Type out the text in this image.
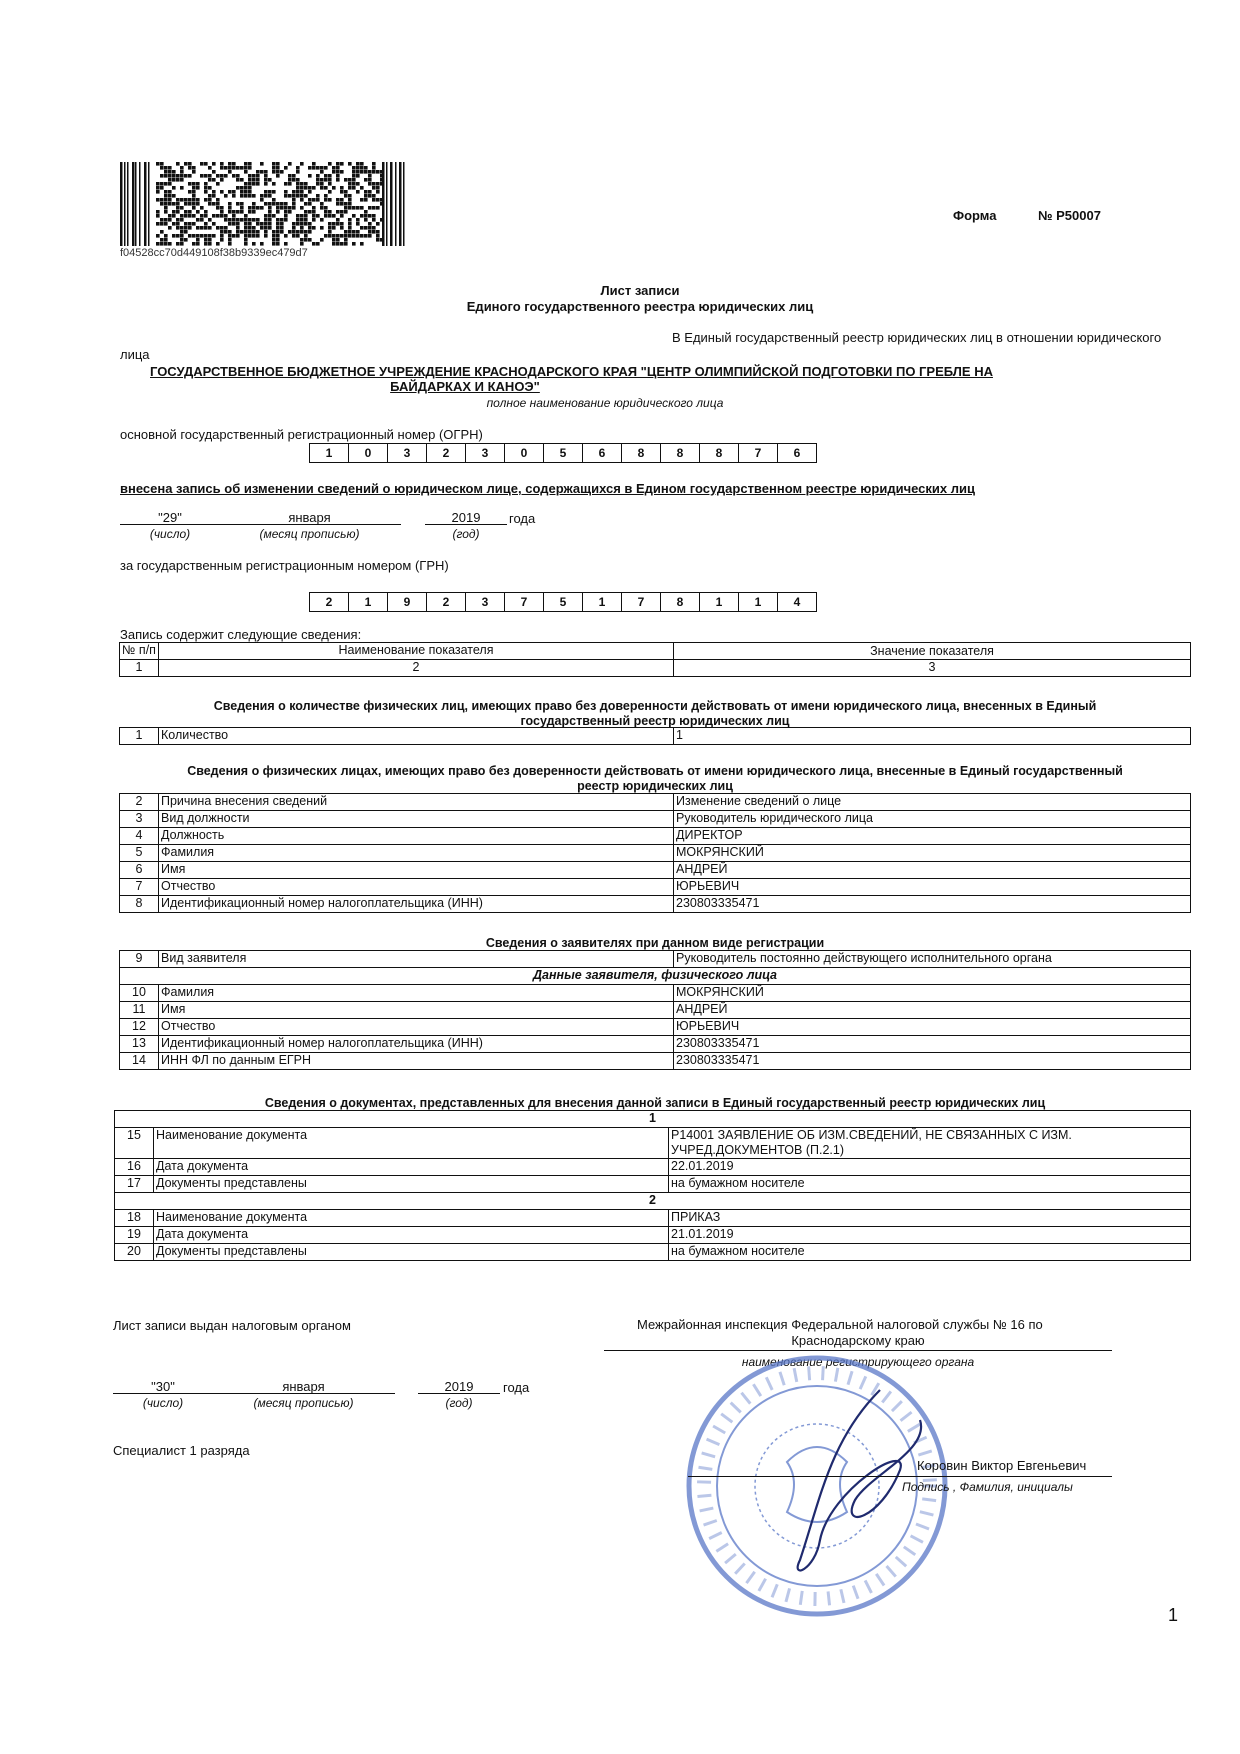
f04528cc70d449108f38b9339ec479d7
Форма	№ Р50007
Лист записи
Единого государственного реестра юридических лиц
В Единый государственный реестр юридических лиц в отношении юридического
лица
ГОСУДАРСТВЕННОЕ БЮДЖЕТНОЕ УЧРЕЖДЕНИЕ КРАСНОДАРСКОГО КРАЯ "ЦЕНТР ОЛИМПИЙСКОЙ ПОДГОТОВКИ ПО ГРЕБЛЕ НА
БАЙДАРКАХ И КАНОЭ"
полное наименование юридического лица
основной государственный регистрационный номер (ОГРН)
1	0	3	2	3	0	5	6	8	8	8	7	6
внесена запись об изменении сведений о юридическом лице, содержащихся в Едином государственном реестре юридических лиц
"29"
(число)
января
(месяц прописью)
2019
(год)
года
за государственным регистрационным номером (ГРН)
2	1	9	2	3	7	5	1	7	8	1	1	4
Запись содержит следующие сведения:
№ п/п	Наименование показателя	Значение показателя
1	2	3
Сведения о количестве физических лиц, имеющих право без доверенности действовать от имени юридического лица, внесенных в Единый
государственный реестр юридических лиц
1	Количество	1
Сведения о физических лицах, имеющих право без доверенности действовать от имени юридического лица, внесенные в Единый государственный
реестр юридических лиц
2	Причина внесения сведений	Изменение сведений о лице
3	Вид должности	Руководитель юридического лица
4	Должность	ДИРЕКТОР
5	Фамилия	МОКРЯНСКИЙ
6	Имя	АНДРЕЙ
7	Отчество	ЮРЬЕВИЧ
8	Идентификационный номер налогоплательщика (ИНН)	230803335471
Сведения о заявителях при данном виде регистрации
9	Вид заявителя	Руководитель постоянно действующего исполнительного органа
Данные заявителя, физического лица		
10	Фамилия	МОКРЯНСКИЙ
11	Имя	АНДРЕЙ
12	Отчество	ЮРЬЕВИЧ
13	Идентификационный номер налогоплательщика (ИНН)	230803335471
14	ИНН ФЛ по данным ЕГРН	230803335471
Сведения о документах, представленных для внесения данной записи в Единый государственный реестр юридических лиц
1		
15	Наименование документа	Р14001 ЗАЯВЛЕНИЕ ОБ ИЗМ.СВЕДЕНИЙ, НЕ СВЯЗАННЫХ С ИЗМ. УЧРЕД.ДОКУМЕНТОВ (П.2.1)
16	Дата документа	22.01.2019
17	Документы представлены	на бумажном носителе
2		
18	Наименование документа	ПРИКАЗ
19	Дата документа	21.01.2019
20	Документы представлены	на бумажном носителе
Лист записи выдан налоговым органом	Межрайонная инспекция Федеральной налоговой службы № 16 по
Краснодарскому краю
наименование регистрирующего органа
"30"
(число)
января
(месяц прописью)
2019
(год)
года
Специалист 1 разряда
Коровин Виктор Евгеньевич
Подпись , Фамилия, инициалы
1
